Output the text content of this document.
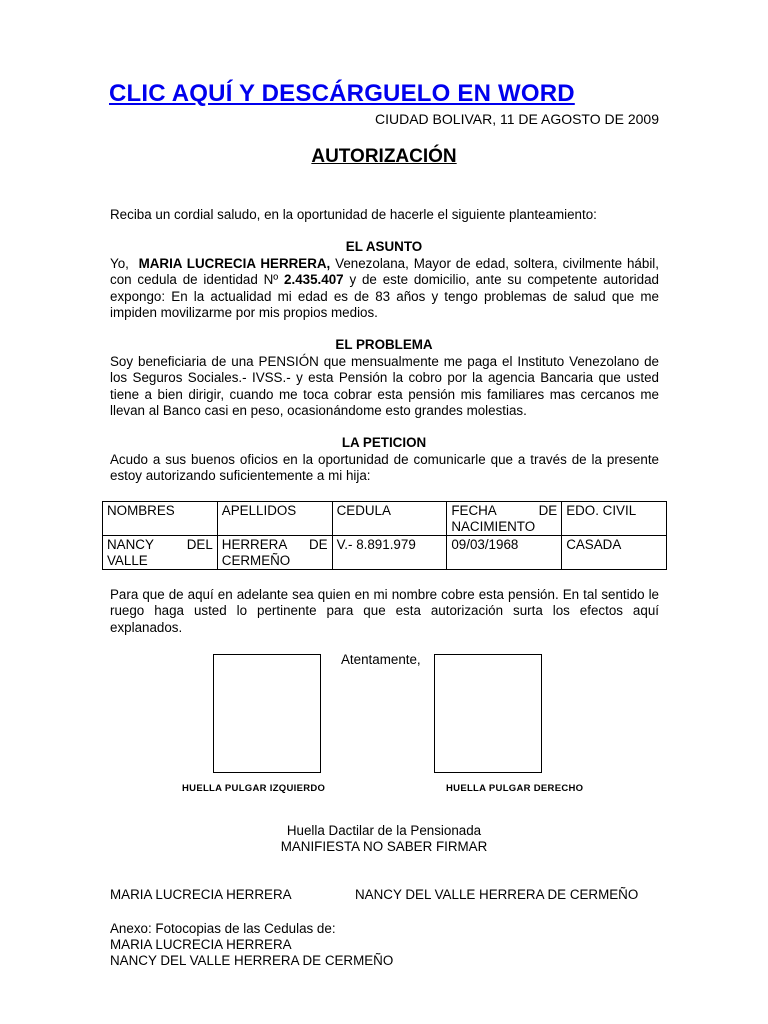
CLIC AQUÍ Y DESCÁRGUELO EN WORD
CIUDAD BOLIVAR, 11 DE AGOSTO DE 2009
AUTORIZACIÓN
Reciba un cordial saludo, en la oportunidad de hacerle el siguiente planteamiento:
EL ASUNTO
Yo, MARIA LUCRECIA HERRERA, Venezolana, Mayor de edad, soltera, civilmente hábil, con cedula de identidad Nº 2.435.407 y de este domicilio, ante su competente autoridad expongo: En la actualidad mi edad es de 83 años y tengo problemas de salud que me impiden movilizarme por mis propios medios.
EL PROBLEMA
Soy beneficiaria de una PENSIÓN que mensualmente me paga el Instituto Venezolano de los Seguros Sociales.- IVSS.- y esta Pensión la cobro por la agencia Bancaria que usted tiene a bien dirigir, cuando me toca cobrar esta pensión mis familiares mas cercanos me llevan al Banco casi en peso, ocasionándome esto grandes molestias.
LA PETICION
Acudo a sus buenos oficios en la oportunidad de comunicarle que a través de la presente estoy autorizando suficientemente a mi hija:
NOMBRES	APELLIDOS	CEDULA	FECHA DE NACIMIENTO	EDO. CIVIL
NANCY DEL VALLE	HERRERA DE CERMEÑO	V.- 8.891.979	09/03/1968	CASADA
Para que de aquí en adelante sea quien en mi nombre cobre esta pensión. En tal sentido le ruego haga usted lo pertinente para que esta autorización surta los efectos aquí explanados.
Atentamente,
HUELLA PULGAR IZQUIERDO	HUELLA PULGAR DERECHO
Huella Dactilar de la Pensionada
MANIFIESTA NO SABER FIRMAR
MARIA LUCRECIA HERRERA	NANCY DEL VALLE HERRERA DE CERMEÑO
Anexo: Fotocopias de las Cedulas de:
MARIA LUCRECIA HERRERA
NANCY DEL VALLE HERRERA DE CERMEÑO
